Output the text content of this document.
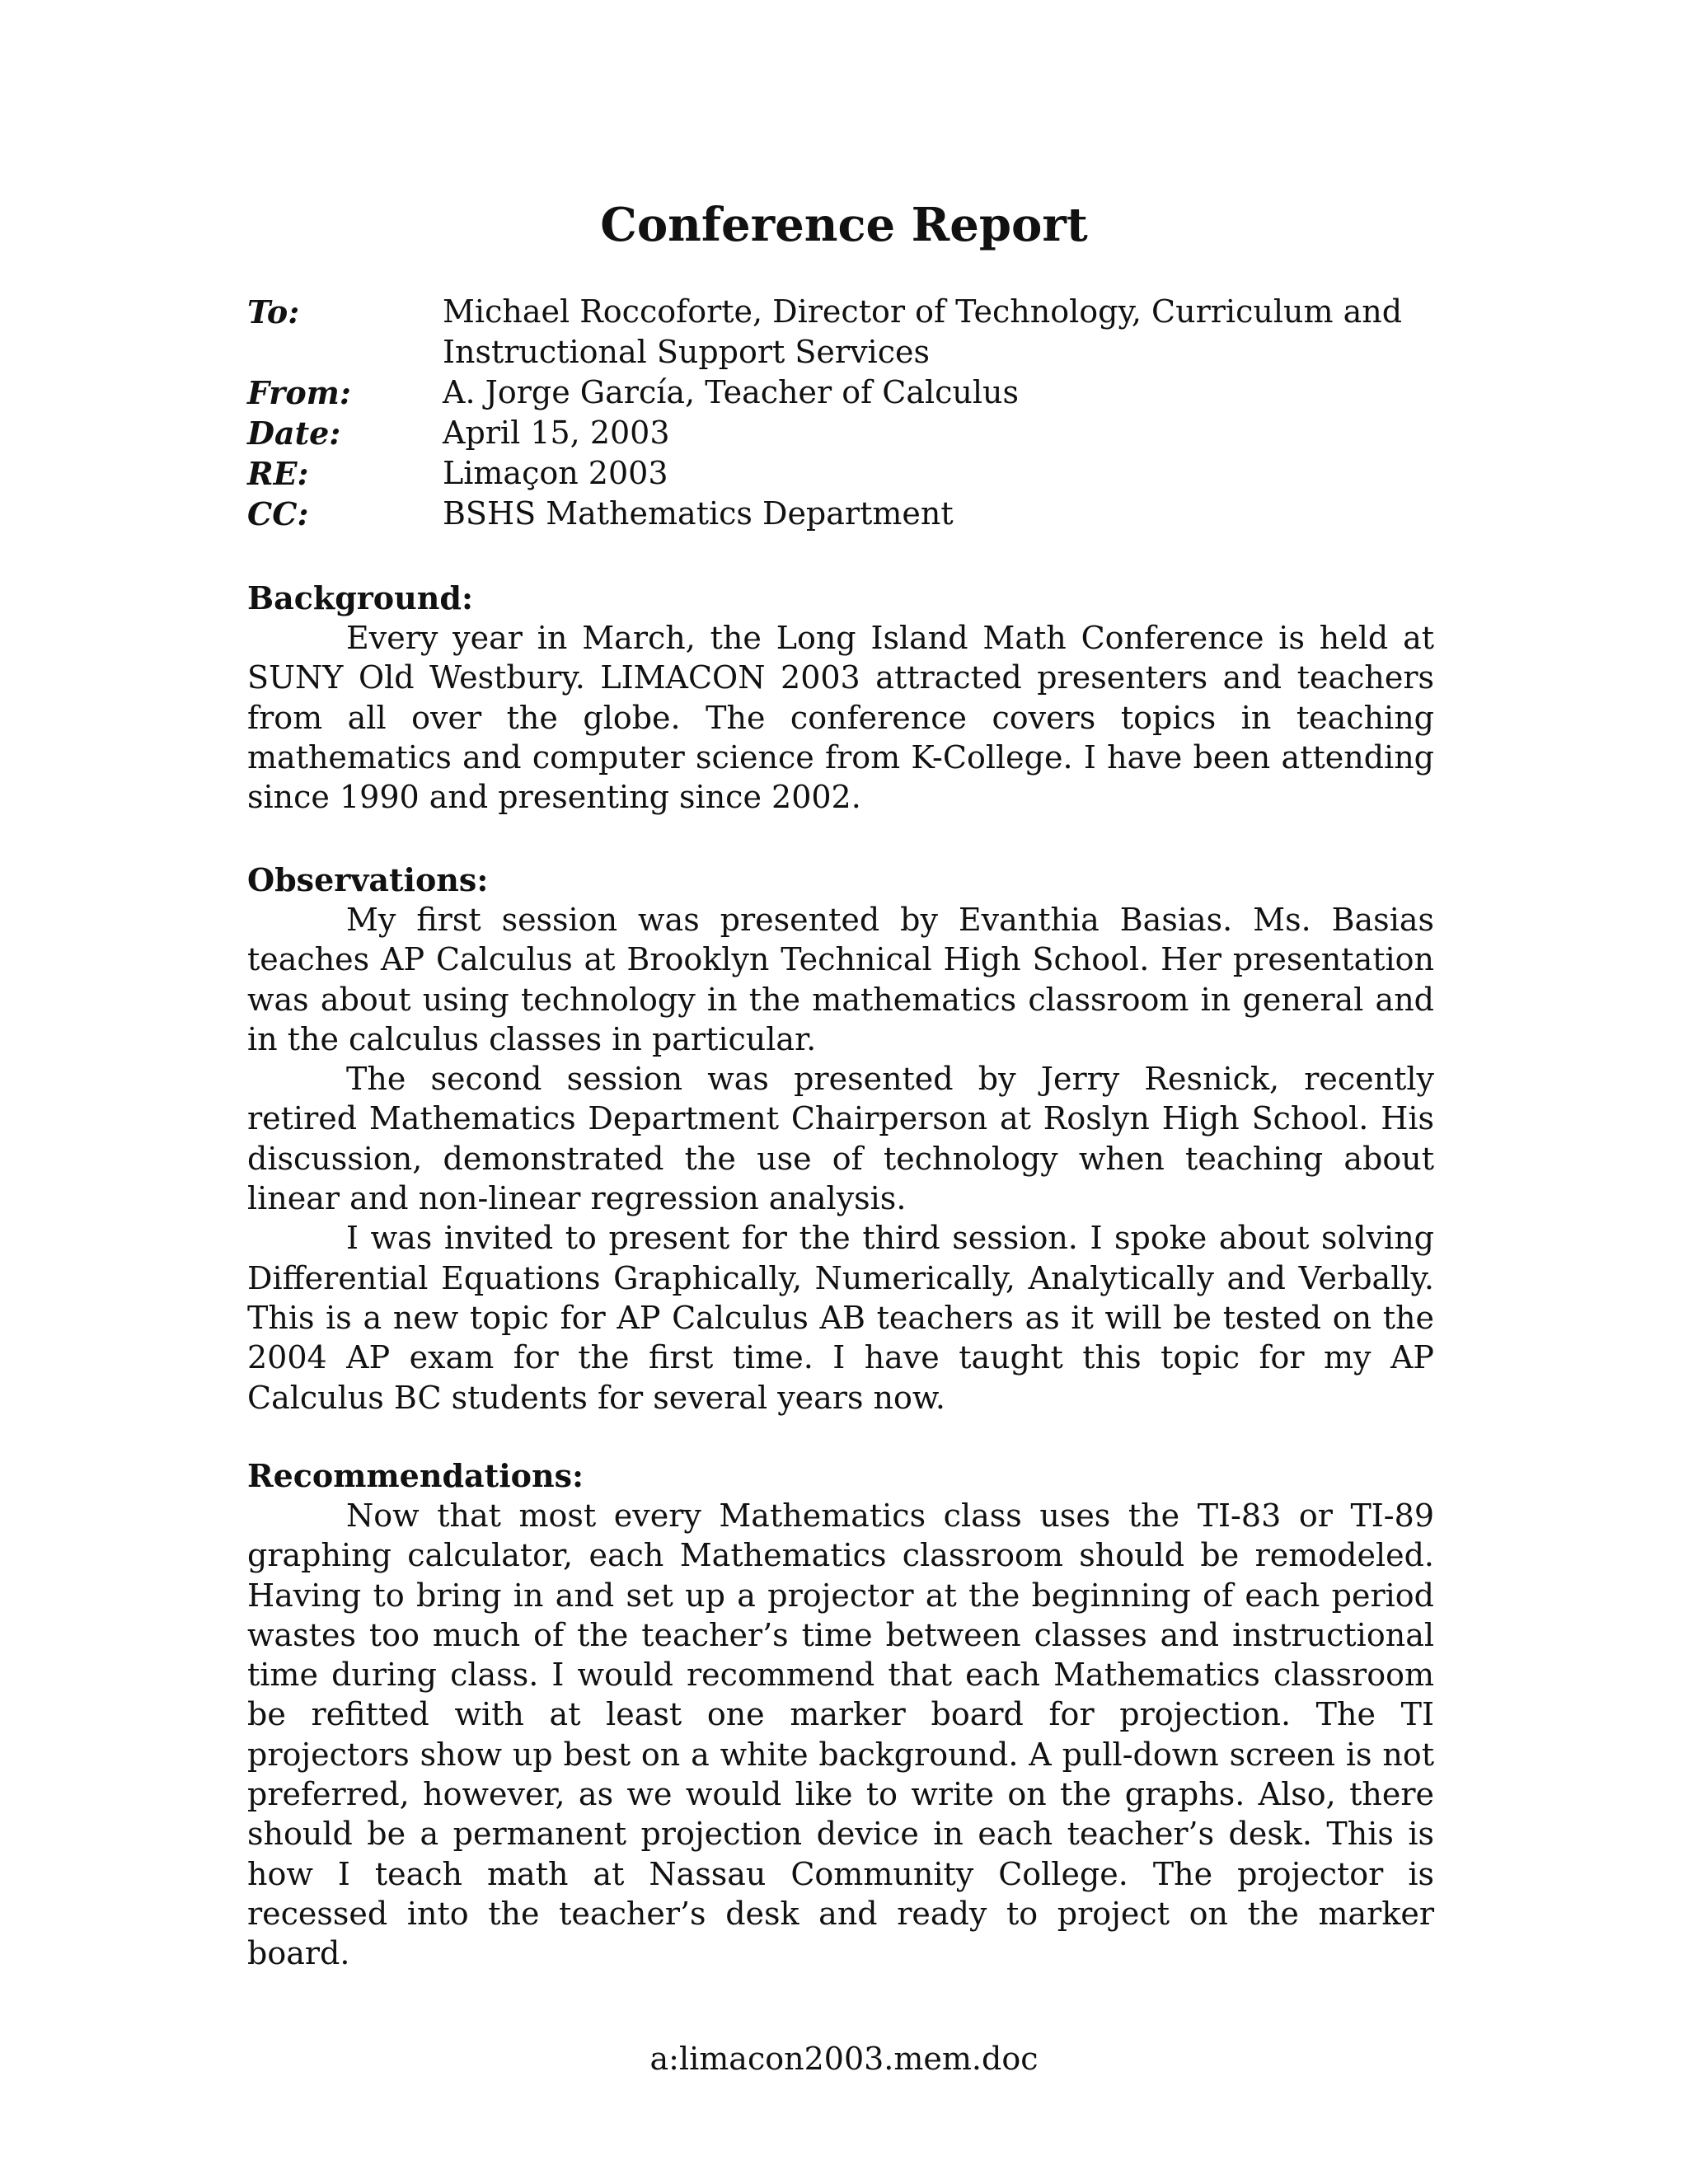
Conference Report
To:	Michael Roccoforte, Director of Technology, Curriculum and Instructional Support Services
From:	A. Jorge García, Teacher of Calculus
Date:	April 15, 2003
RE:	Limaçon 2003
CC:	BSHS Mathematics Department
Background:

Every year in March, the Long Island Math Conference is held at SUNY Old Westbury. LIMACON 2003 attracted presenters and teachers from all over the globe. The conference covers topics in teaching mathematics and computer science from K-College. I have been attending since 1990 and presenting since 2002.

Observations:

My first session was presented by Evanthia Basias. Ms. Basias teaches AP Calculus at Brooklyn Technical High School. Her presentation was about using technology in the mathematics classroom in general and in the calculus classes in particular.

The second session was presented by Jerry Resnick, recently retired Mathematics Department Chairperson at Roslyn High School. His discussion, demonstrated the use of technology when teaching about linear and non-linear regression analysis.

I was invited to present for the third session. I spoke about solving Differential Equations Graphically, Numerically, Analytically and Verbally. This is a new topic for AP Calculus AB teachers as it will be tested on the 2004 AP exam for the first time. I have taught this topic for my AP Calculus BC students for several years now.

Recommendations:

Now that most every Mathematics class uses the TI-83 or TI-89 graphing calculator, each Mathematics classroom should be remodeled. Having to bring in and set up a projector at the beginning of each period wastes too much of the teacher’s time between classes and instructional time during class. I would recommend that each Mathematics classroom be refitted with at least one marker board for projection. The TI projectors show up best on a white background. A pull-down screen is not preferred, however, as we would like to write on the graphs. Also, there should be a permanent projection device in each teacher’s desk. This is how I teach math at Nassau Community College. The projector is recessed into the teacher’s desk and ready to project on the marker board.

a:limacon2003.mem.doc
